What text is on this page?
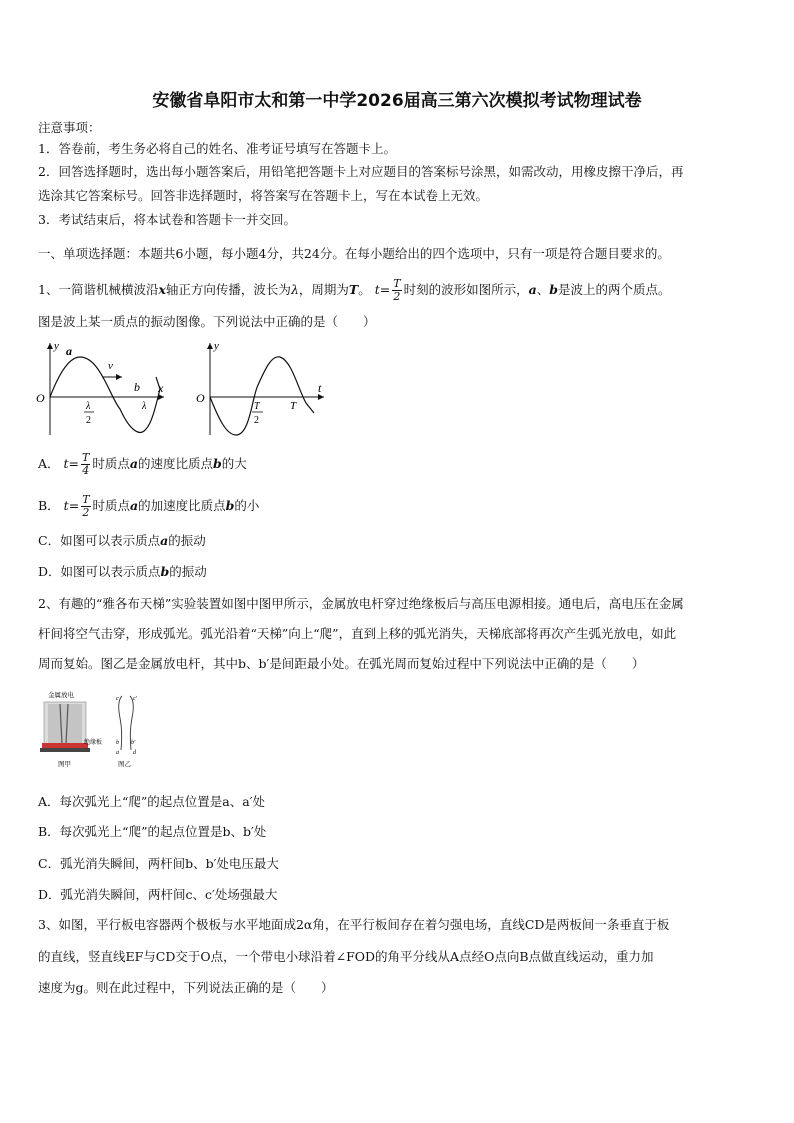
安徽省阜阳市太和第一中学2026届高三第六次模拟考试物理试卷
注意事项：
1．答卷前，考生务必将自己的姓名、准考证号填写在答题卡上。
2．回答选择题时，选出每小题答案后，用铅笔把答题卡上对应题目的答案标号涂黑，如需改动，用橡皮擦干净后，再
选涂其它答案标号。回答非选择题时，将答案写在答题卡上，写在本试卷上无效。
3．考试结束后，将本试卷和答题卡一并交回。
一、单项选择题：本题共6小题，每小题4分，共24分。在每小题给出的四个选项中，只有一项是符合题目要求的。
1、一简谐机械横波沿x轴正方向传播，波长为λ，周期为T。 $t= \frac{T}{2}$ 时刻的波形如图所示，a、b是波上的两个质点。
图是波上某一质点的振动图像。下列说法中正确的是（　　）
y a
v
b x
O
λ
2
λ
y
t
O
T
2
T
A． $t= \frac{T}{4}$ 时质点a的速度比质点b的大
B． $t= \frac{T}{2}$ 时质点a的加速度比质点b的小
C．如图可以表示质点a的振动
D．如图可以表示质点b的振动
2、有趣的“雅各布天梯”实验装置如图中图甲所示，金属放电杆穿过绝缘板后与高压电源相接。通电后，高电压在金属
杆间将空气击穿，形成弧光。弧光沿着“天梯”向上“爬”，直到上移的弧光消失，天梯底部将再次产生弧光放电，如此
周而复始。图乙是金属放电杆，其中b、b′是间距最小处。在弧光周而复始过程中下列说法中正确的是（　　）
金属放电
绝缘板
图甲
c c′
b b′
a d
图乙
A．每次弧光上“爬”的起点位置是a、a′处
B．每次弧光上“爬”的起点位置是b、b′处
C．弧光消失瞬间，两杆间b、b′处电压最大
D．弧光消失瞬间，两杆间c、c′处场强最大
3、如图，平行板电容器两个极板与水平地面成2α角，在平行板间存在着匀强电场，直线CD是两板间一条垂直于板
的直线，竖直线EF与CD交于O点，一个带电小球沿着∠FOD的角平分线从A点经O点向B点做直线运动，重力加
速度为g。则在此过程中，下列说法正确的是（　　）
